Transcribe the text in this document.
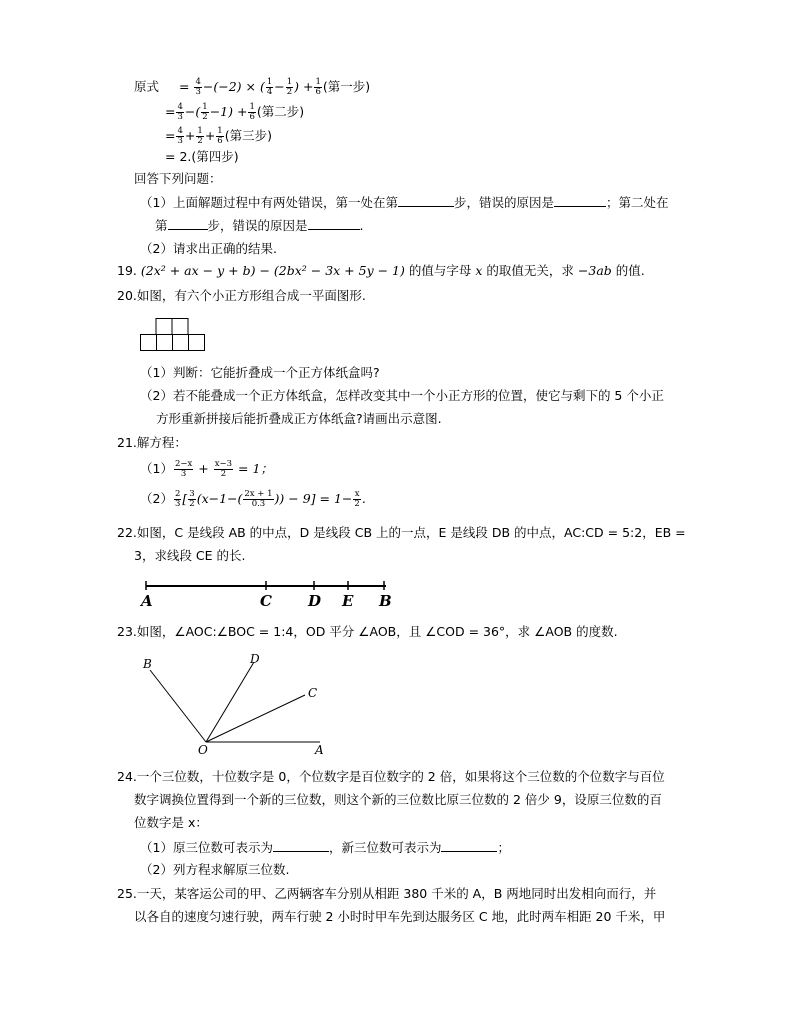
原式 = $\frac{4}{3} -(-2)$ × ( $\frac{1}{4} - \frac{1}{2}$ ) + $\frac{1}{6}$ (第一步)
= $\frac{4}{3}$ −( $\frac{1}{2} -1) + \frac{1}{6}$ (第二步)
= $\frac{4}{3} + \frac{1}{2} + \frac{1}{6}$ (第三步)
= 2.(第四步)
回答下列问题：
（1）上面解题过程中有两处错误，第一处在第	步，错误的原因是	；第二处在
第	步，错误的原因是	.
（2）请求出正确的结果.
19. (2x² + ax − y + b) − (2bx² − 3x + 5y − 1) 的值与字母 x 的取值无关，求 −3ab 的值.
20.如图，有六个小正方形组合成一平面图形.
（1）判断：它能折叠成一个正方体纸盒吗?
（2）若不能叠成一个正方体纸盒，怎样改变其中一个小正方形的位置，使它与剩下的 5 个小正
方形重新拼接后能折叠成正方体纸盒?请画出示意图.
21.解方程：
$(1) \frac{2-x}{3} + \frac{x-3}{2} = 1$；
$(2) \frac{2}{3}$ [ $\frac{3}{2} (x-1-( \frac{2x + 1}{0.3}$ )) − $9] = 1- \frac{x}{2}$ .
22.如图，C 是线段 AB 的中点，D 是线段 CB 上的一点，E 是线段 DB 的中点，AC:CD = 5:2，EB =
3，求线段 CE 的长.
A	C D E B
23.如图，∠AOC:∠BOC = 1:4，OD 平分 ∠AOB，且 ∠COD = 36°，求 ∠AOB 的度数.
B	D
C
O	A
24.一个三位数，十位数字是 0，个位数字是百位数字的 2 倍，如果将这个三位数的个位数字与百位
数字调换位置得到一个新的三位数，则这个新的三位数比原三位数的 2 倍少 9，设原三位数的百
位数字是 x：
（1）原三位数可表示为	，新三位数可表示为	；
（2）列方程求解原三位数.
25.一天，某客运公司的甲、乙两辆客车分别从相距 380 千米的 A，B 两地同时出发相向而行，并
以各自的速度匀速行驶，两车行驶 2 小时时甲车先到达服务区 C 地，此时两车相距 20 千米，甲
